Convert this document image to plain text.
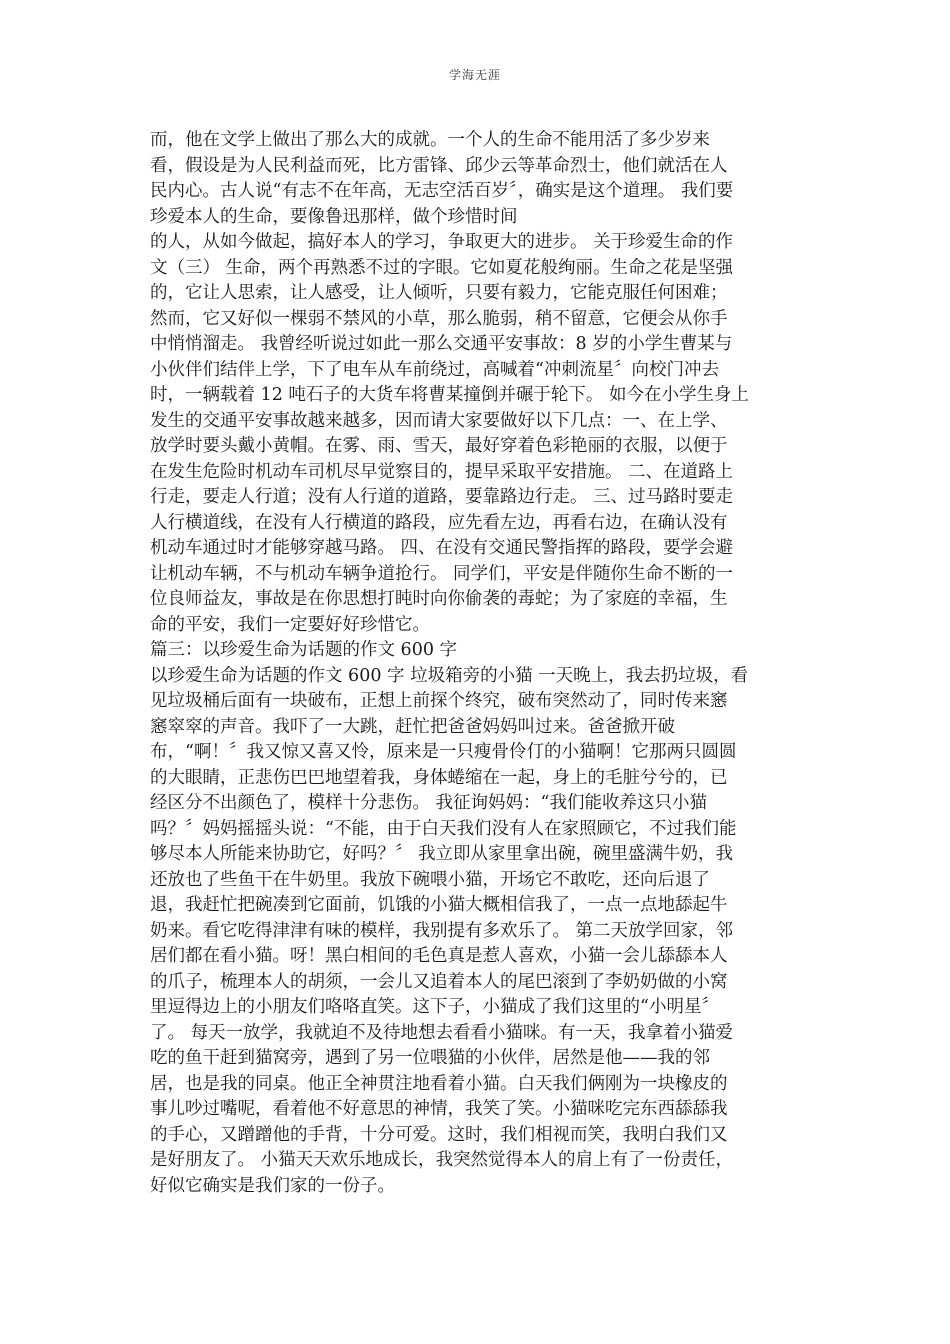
学海无涯
而，他在文学上做出了那么大的成就。一个人的生命不能用活了多少岁来
看，假设是为人民利益而死，比方雷锋、邱少云等革命烈士，他们就活在人
民内心。古人说“有志不在年高，无志空活百岁〞，确实是这个道理。 我们要
珍爱本人的生命，要像鲁迅那样，做个珍惜时间
的人，从如今做起，搞好本人的学习，争取更大的进步。 关于珍爱生命的作
文（三） 生命，两个再熟悉不过的字眼。它如夏花般绚丽。生命之花是坚强
的，它让人思索，让人感受，让人倾听，只要有毅力，它能克服任何困难；
然而，它又好似一棵弱不禁风的小草，那么脆弱，稍不留意，它便会从你手
中悄悄溜走。 我曾经听说过如此一那么交通平安事故：8 岁的小学生曹某与
小伙伴们结伴上学，下了电车从车前绕过，高喊着“冲刺流星〞向校门冲去
时，一辆载着 12 吨石子的大货车将曹某撞倒并碾于轮下。 如今在小学生身上
发生的交通平安事故越来越多，因而请大家要做好以下几点：一、在上学、
放学时要头戴小黄帽。在雾、雨、雪天，最好穿着色彩艳丽的衣服，以便于
在发生危险时机动车司机尽早觉察目的，提早采取平安措施。 二、在道路上
行走，要走人行道；没有人行道的道路，要靠路边行走。 三、过马路时要走
人行横道线，在没有人行横道的路段，应先看左边，再看右边，在确认没有
机动车通过时才能够穿越马路。 四、在没有交通民警指挥的路段，要学会避
让机动车辆，不与机动车辆争道抢行。 同学们，平安是伴随你生命不断的一
位良师益友，事故是在你思想打盹时向你偷袭的毒蛇；为了家庭的幸福，生
命的平安，我们一定要好好珍惜它。
篇三：以珍爱生命为话题的作文 600 字
以珍爱生命为话题的作文 600 字 垃圾箱旁的小猫 一天晚上，我去扔垃圾，看
见垃圾桶后面有一块破布，正想上前探个终究，破布突然动了，同时传来窸
窸窣窣的声音。我吓了一大跳，赶忙把爸爸妈妈叫过来。爸爸掀开破
布，“啊！〞我又惊又喜又怜，原来是一只瘦骨伶仃的小猫啊！它那两只圆圆
的大眼睛，正悲伤巴巴地望着我，身体蜷缩在一起，身上的毛脏兮兮的，已
经区分不出颜色了，模样十分悲伤。 我征询妈妈：“我们能收养这只小猫
吗？〞妈妈摇摇头说：“不能，由于白天我们没有人在家照顾它，不过我们能
够尽本人所能来协助它，好吗？〞 我立即从家里拿出碗，碗里盛满牛奶，我
还放也了些鱼干在牛奶里。我放下碗喂小猫，开场它不敢吃，还向后退了
退，我赶忙把碗凑到它面前，饥饿的小猫大概相信我了，一点一点地舔起牛
奶来。看它吃得津津有味的模样，我别提有多欢乐了。 第二天放学回家，邻
居们都在看小猫。呀！黑白相间的毛色真是惹人喜欢，小猫一会儿舔舔本人
的爪子，梳理本人的胡须，一会儿又追着本人的尾巴滚到了李奶奶做的小窝
里逗得边上的小朋友们咯咯直笑。这下子，小猫成了我们这里的“小明星〞
了。 每天一放学，我就迫不及待地想去看看小猫咪。有一天，我拿着小猫爱
吃的鱼干赶到猫窝旁，遇到了另一位喂猫的小伙伴，居然是他——我的邻
居，也是我的同桌。他正全神贯注地看着小猫。白天我们俩刚为一块橡皮的
事儿吵过嘴呢，看着他不好意思的神情，我笑了笑。小猫咪吃完东西舔舔我
的手心，又蹭蹭他的手背，十分可爱。这时，我们相视而笑，我明白我们又
是好朋友了。 小猫天天欢乐地成长，我突然觉得本人的肩上有了一份责任，
好似它确实是我们家的一份子。
